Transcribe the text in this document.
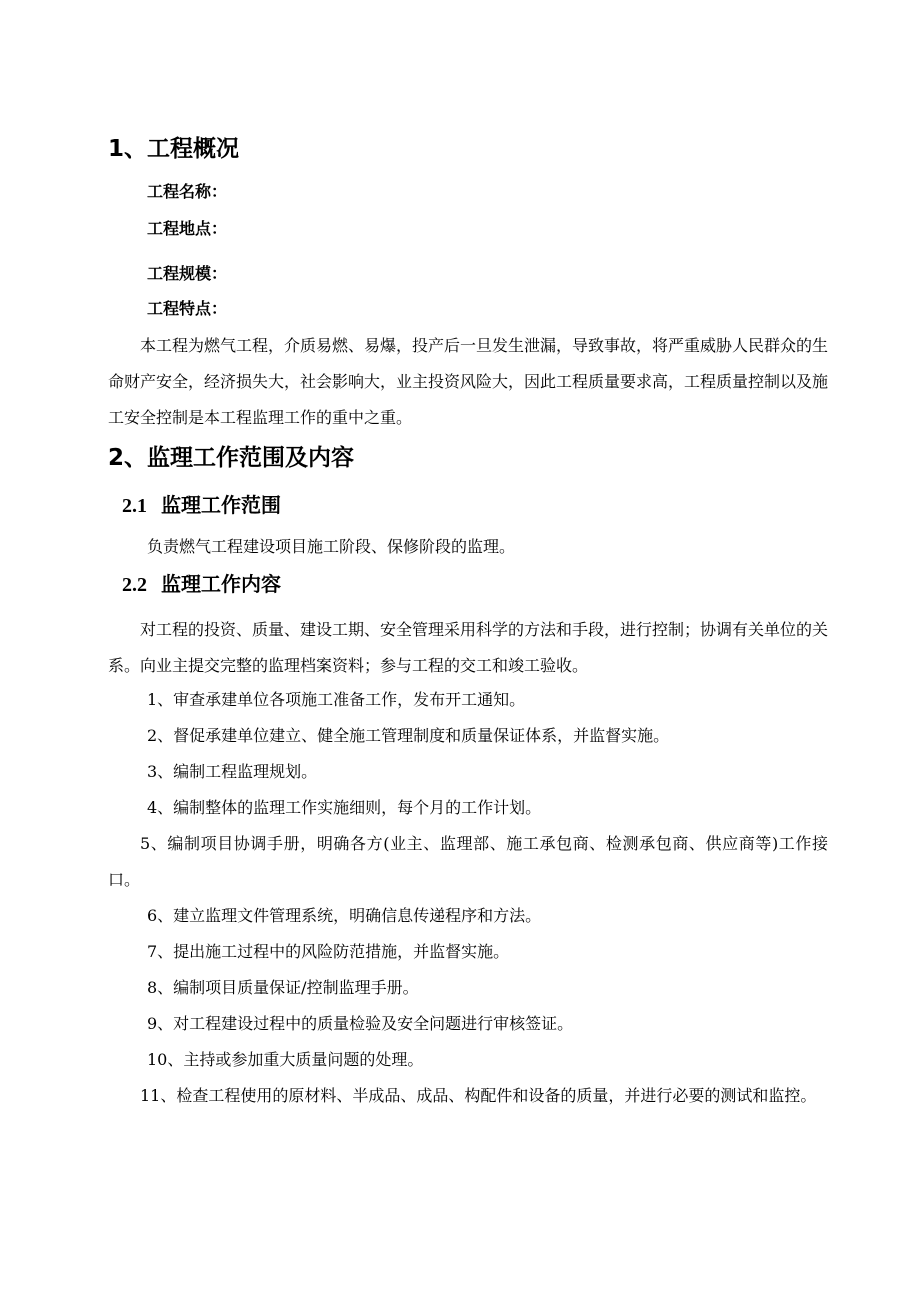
1、工程概况
工程名称：
工程地点：
工程规模：
工程特点：

本工程为燃气工程，介质易燃、易爆，投产后一旦发生泄漏，导致事故，将严重威胁人民群众的生命财产安全，经济损失大，社会影响大，业主投资风险大，因此工程质量要求高，工程质量控制以及施工安全控制是本工程监理工作的重中之重。

2、监理工作范围及内容
2.1 监理工作范围
负责燃气工程建设项目施工阶段、保修阶段的监理。
2.2 监理工作内容

对工程的投资、质量、建设工期、安全管理采用科学的方法和手段，进行控制；协调有关单位的关系。向业主提交完整的监理档案资料；参与工程的交工和竣工验收。

1、审查承建单位各项施工准备工作，发布开工通知。
2、督促承建单位建立、健全施工管理制度和质量保证体系，并监督实施。
3、编制工程监理规划。
4、编制整体的监理工作实施细则，每个月的工作计划。

5、编制项目协调手册，明确各方(业主、监理部、施工承包商、检测承包商、供应商等)工作接口。

6、建立监理文件管理系统，明确信息传递程序和方法。
7、提出施工过程中的风险防范措施，并监督实施。
8、编制项目质量保证/控制监理手册。
9、对工程建设过程中的质量检验及安全问题进行审核签证。
10、主持或参加重大质量问题的处理。

11、检查工程使用的原材料、半成品、成品、构配件和设备的质量，并进行必要的测试和监控。
